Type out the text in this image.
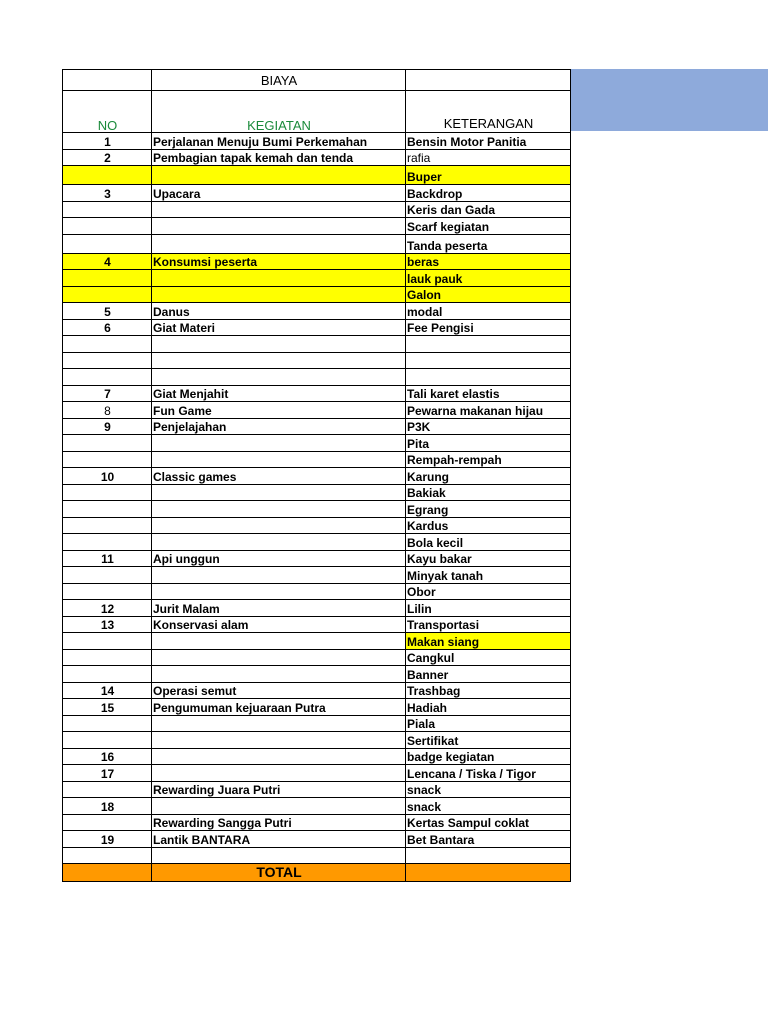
	BIAYA	
NO	KEGIATAN	KETERANGAN
1	Perjalanan Menuju Bumi Perkemahan	Bensin Motor Panitia
2	Pembagian tapak kemah dan tenda	rafia
		Buper
3	Upacara	Backdrop
		Keris dan Gada
		Scarf kegiatan
		Tanda peserta
4	Konsumsi peserta	beras
		lauk pauk
		Galon
5	Danus	modal
6	Giat Materi	Fee Pengisi

7	Giat Menjahit	Tali karet elastis
8	Fun Game	Pewarna makanan hijau
9	Penjelajahan	P3K
		Pita
		Rempah-rempah
10	Classic games	Karung
		Bakiak
		Egrang
		Kardus
		Bola kecil
11	Api unggun	Kayu bakar
		Minyak tanah
		Obor
12	Jurit Malam	Lilin
13	Konservasi alam	Transportasi
		Makan siang
		Cangkul
		Banner
14	Operasi semut	Trashbag
15	Pengumuman kejuaraan Putra	Hadiah
		Piala
		Sertifikat
16		badge kegiatan
17		Lencana / Tiska / Tigor
	Rewarding Juara Putri	snack
18		snack
	Rewarding Sangga Putri	Kertas Sampul coklat
19	Lantik BANTARA	Bet Bantara

	TOTAL	
